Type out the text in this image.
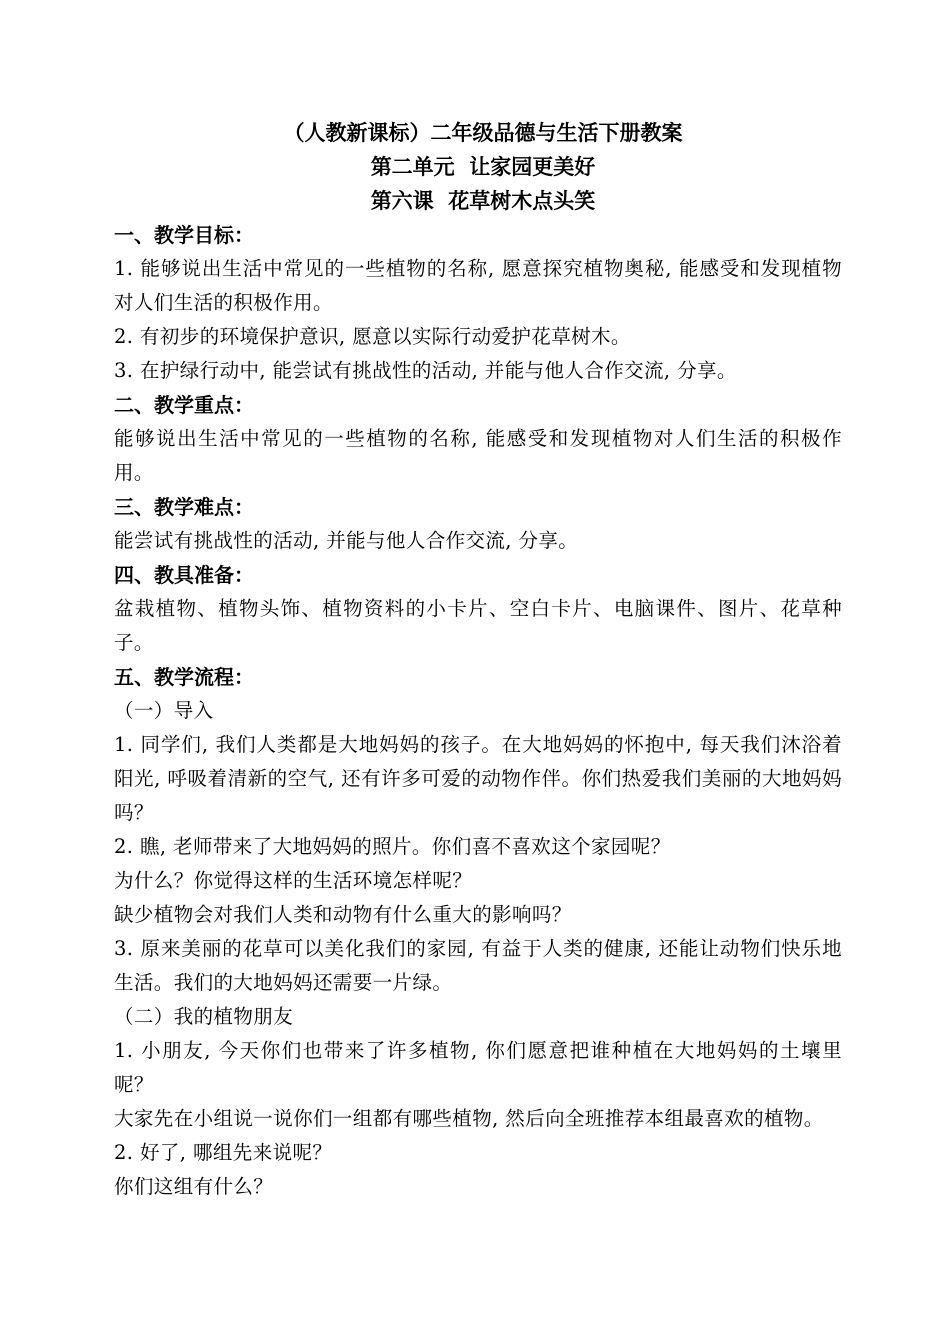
（人教新课标）二年级品德与生活下册教案

第二单元  让家园更美好

第六课  花草树木点头笑

一、教学目标：

1. 能够说出生活中常见的一些植物的名称, 愿意探究植物奥秘, 能感受和发现植物对人们生活的积极作用。

2. 有初步的环境保护意识, 愿意以实际行动爱护花草树木。

3. 在护绿行动中, 能尝试有挑战性的活动, 并能与他人合作交流, 分享。

二、教学重点：

能够说出生活中常见的一些植物的名称, 能感受和发现植物对人们生活的积极作用。

三、教学难点：

能尝试有挑战性的活动, 并能与他人合作交流, 分享。

四、教具准备：

盆栽植物、植物头饰、植物资料的小卡片、空白卡片、电脑课件、图片、花草种子。

五、教学流程：

（一）导入

1. 同学们, 我们人类都是大地妈妈的孩子。在大地妈妈的怀抱中, 每天我们沐浴着阳光, 呼吸着清新的空气, 还有许多可爱的动物作伴。你们热爱我们美丽的大地妈妈吗？

2. 瞧, 老师带来了大地妈妈的照片。你们喜不喜欢这个家园呢？

为什么？你觉得这样的生活环境怎样呢？

缺少植物会对我们人类和动物有什么重大的影响吗？

3. 原来美丽的花草可以美化我们的家园, 有益于人类的健康, 还能让动物们快乐地生活。我们的大地妈妈还需要一片绿。

（二）我的植物朋友

1. 小朋友, 今天你们也带来了许多植物, 你们愿意把谁种植在大地妈妈的土壤里呢？

大家先在小组说一说你们一组都有哪些植物, 然后向全班推荐本组最喜欢的植物。

2. 好了, 哪组先来说呢？

你们这组有什么？
